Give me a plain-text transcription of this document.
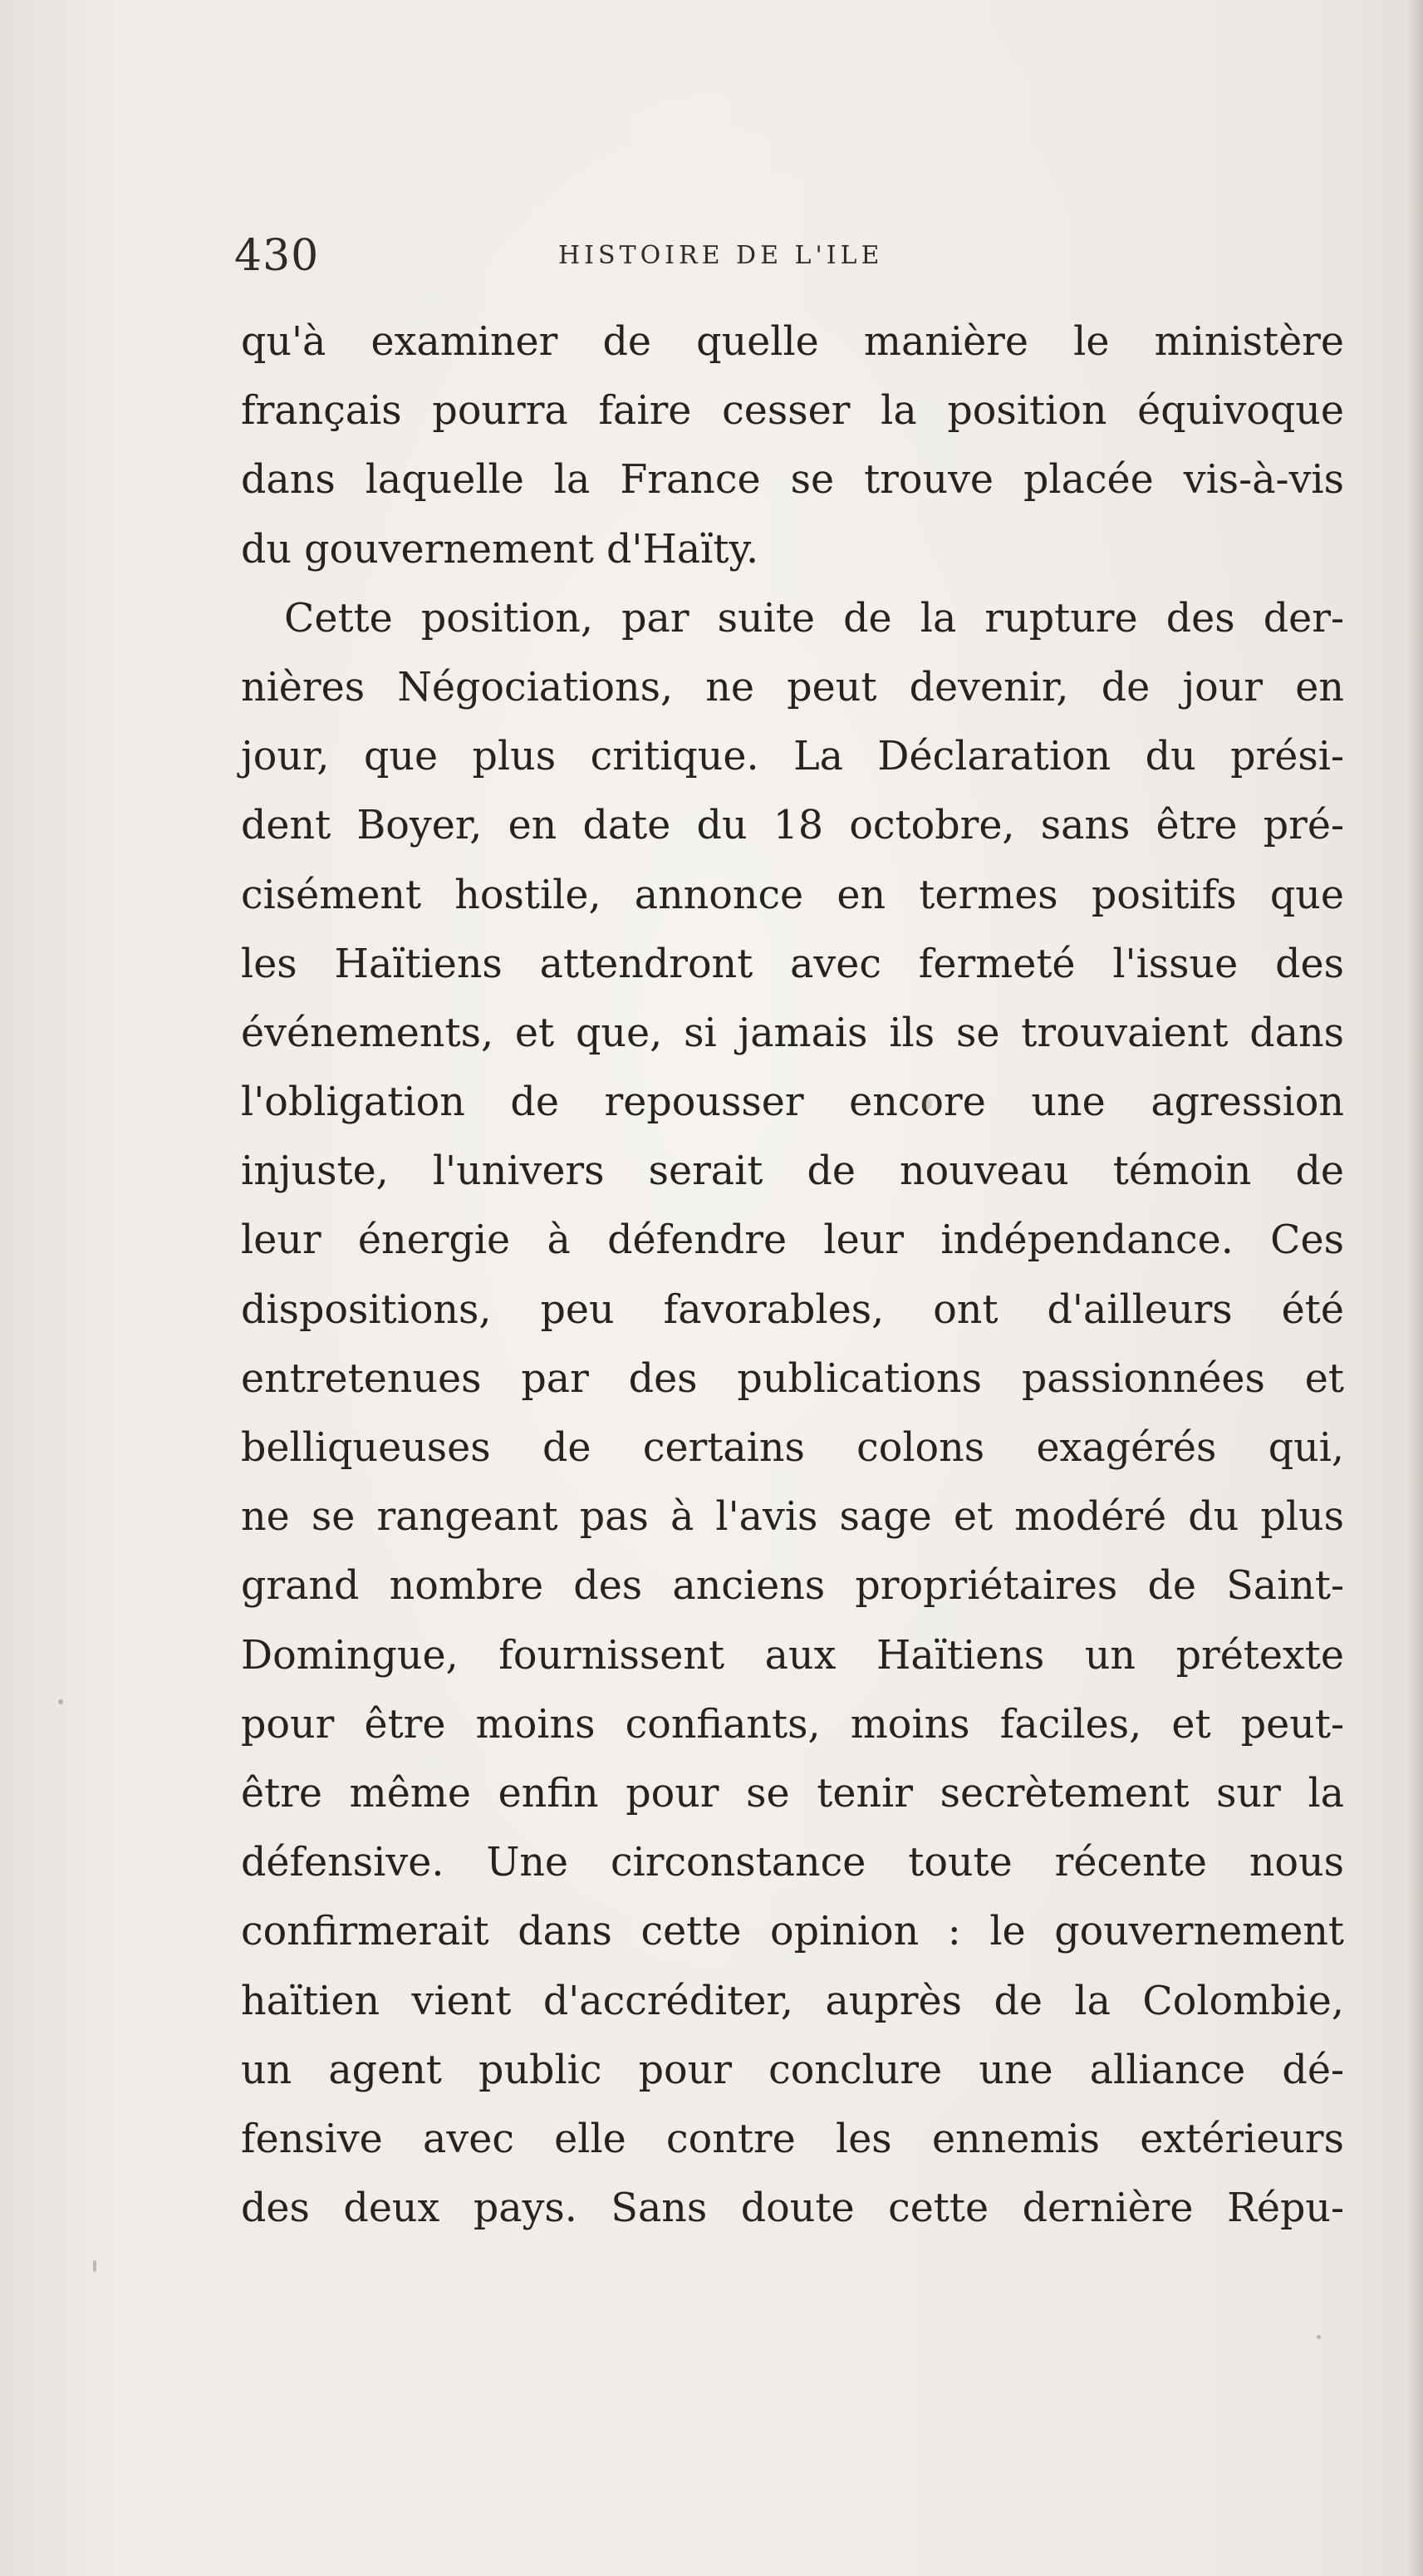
430	HISTOIRE DE L'ILE
qu'à examiner de quelle manière le ministère
français pourra faire cesser la position équivoque
dans laquelle la France se trouve placée vis-à-vis
du gouvernement d'Haïty.
Cette position, par suite de la rupture des der-
nières Négociations, ne peut devenir, de jour en
jour, que plus critique. La Déclaration du prési-
dent Boyer, en date du 18 octobre, sans être pré-
cisément hostile, annonce en termes positifs que
les Haïtiens attendront avec fermeté l'issue des
événements, et que, si jamais ils se trouvaient dans
l'obligation de repousser encore une agression
injuste, l'univers serait de nouveau témoin de
leur énergie à défendre leur indépendance. Ces
dispositions, peu favorables, ont d'ailleurs été
entretenues par des publications passionnées et
belliqueuses de certains colons exagérés qui,
ne se rangeant pas à l'avis sage et modéré du plus
grand nombre des anciens propriétaires de Saint-
Domingue, fournissent aux Haïtiens un prétexte
pour être moins confiants, moins faciles, et peut-
être même enfin pour se tenir secrètement sur la
défensive. Une circonstance toute récente nous
confirmerait dans cette opinion : le gouvernement
haïtien vient d'accréditer, auprès de la Colombie,
un agent public pour conclure une alliance dé-
fensive avec elle contre les ennemis extérieurs
des deux pays. Sans doute cette dernière Répu-
